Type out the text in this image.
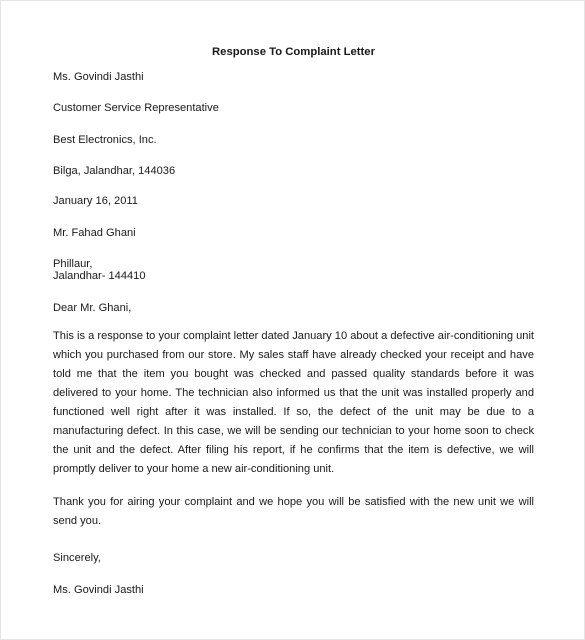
Response To Complaint Letter

Ms. Govindi Jasthi

Customer Service Representative

Best Electronics, Inc.

Bilga, Jalandhar, 144036

January 16, 2011

Mr. Fahad Ghani

Phillaur,

Jalandhar- 144410

Dear Mr. Ghani,

This is a response to your complaint letter dated January 10 about a defective air-conditioning unit which you purchased from our store. My sales staff have already checked your receipt and have told me that the item you bought was checked and passed quality standards before it was delivered to your home. The technician also informed us that the unit was installed properly and functioned well right after it was installed. If so, the defect of the unit may be due to a manufacturing defect. In this case, we will be sending our technician to your home soon to check the unit and the defect. After filing his report, if he confirms that the item is defective, we will promptly deliver to your home a new air-conditioning unit.

Thank you for airing your complaint and we hope you will be satisfied with the new unit we will send you.

Sincerely,

Ms. Govindi Jasthi
